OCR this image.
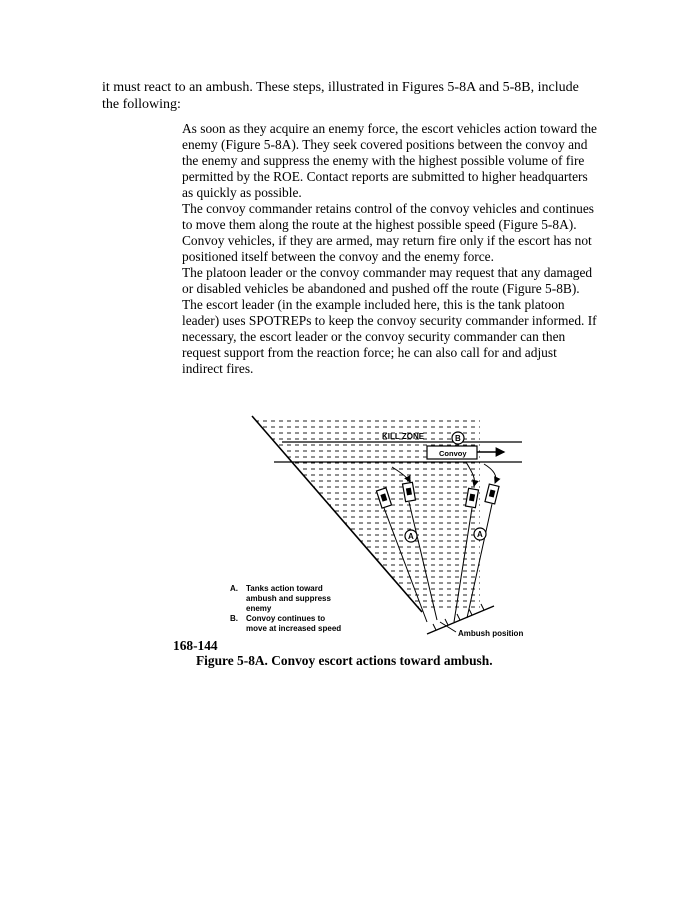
it must react to an ambush. These steps, illustrated in Figures 5-8A and 5-8B, include the following:

As soon as they acquire an enemy force, the escort vehicles action toward the enemy (Figure 5-8A). They seek covered positions between the convoy and the enemy and suppress the enemy with the highest possible volume of fire permitted by the ROE. Contact reports are submitted to higher headquarters as quickly as possible.

The convoy commander retains control of the convoy vehicles and continues to move them along the route at the highest possible speed (Figure 5-8A).

Convoy vehicles, if they are armed, may return fire only if the escort has not positioned itself between the convoy and the enemy force.

The platoon leader or the convoy commander may request that any damaged or disabled vehicles be abandoned and pushed off the route (Figure 5-8B).

The escort leader (in the example included here, this is the tank platoon leader) uses SPOTREPs to keep the convoy security commander informed. If necessary, the escort leader or the convoy security commander can then request support from the reaction force; he can also call for and adjust indirect fires.

KILL ZONE	B
Convoy
A	A
Ambush position
A. Tanks action toward
ambush and suppress
enemy
B. Convoy continues to
move at increased speed
168-144
Figure 5-8A. Convoy escort actions toward ambush.
